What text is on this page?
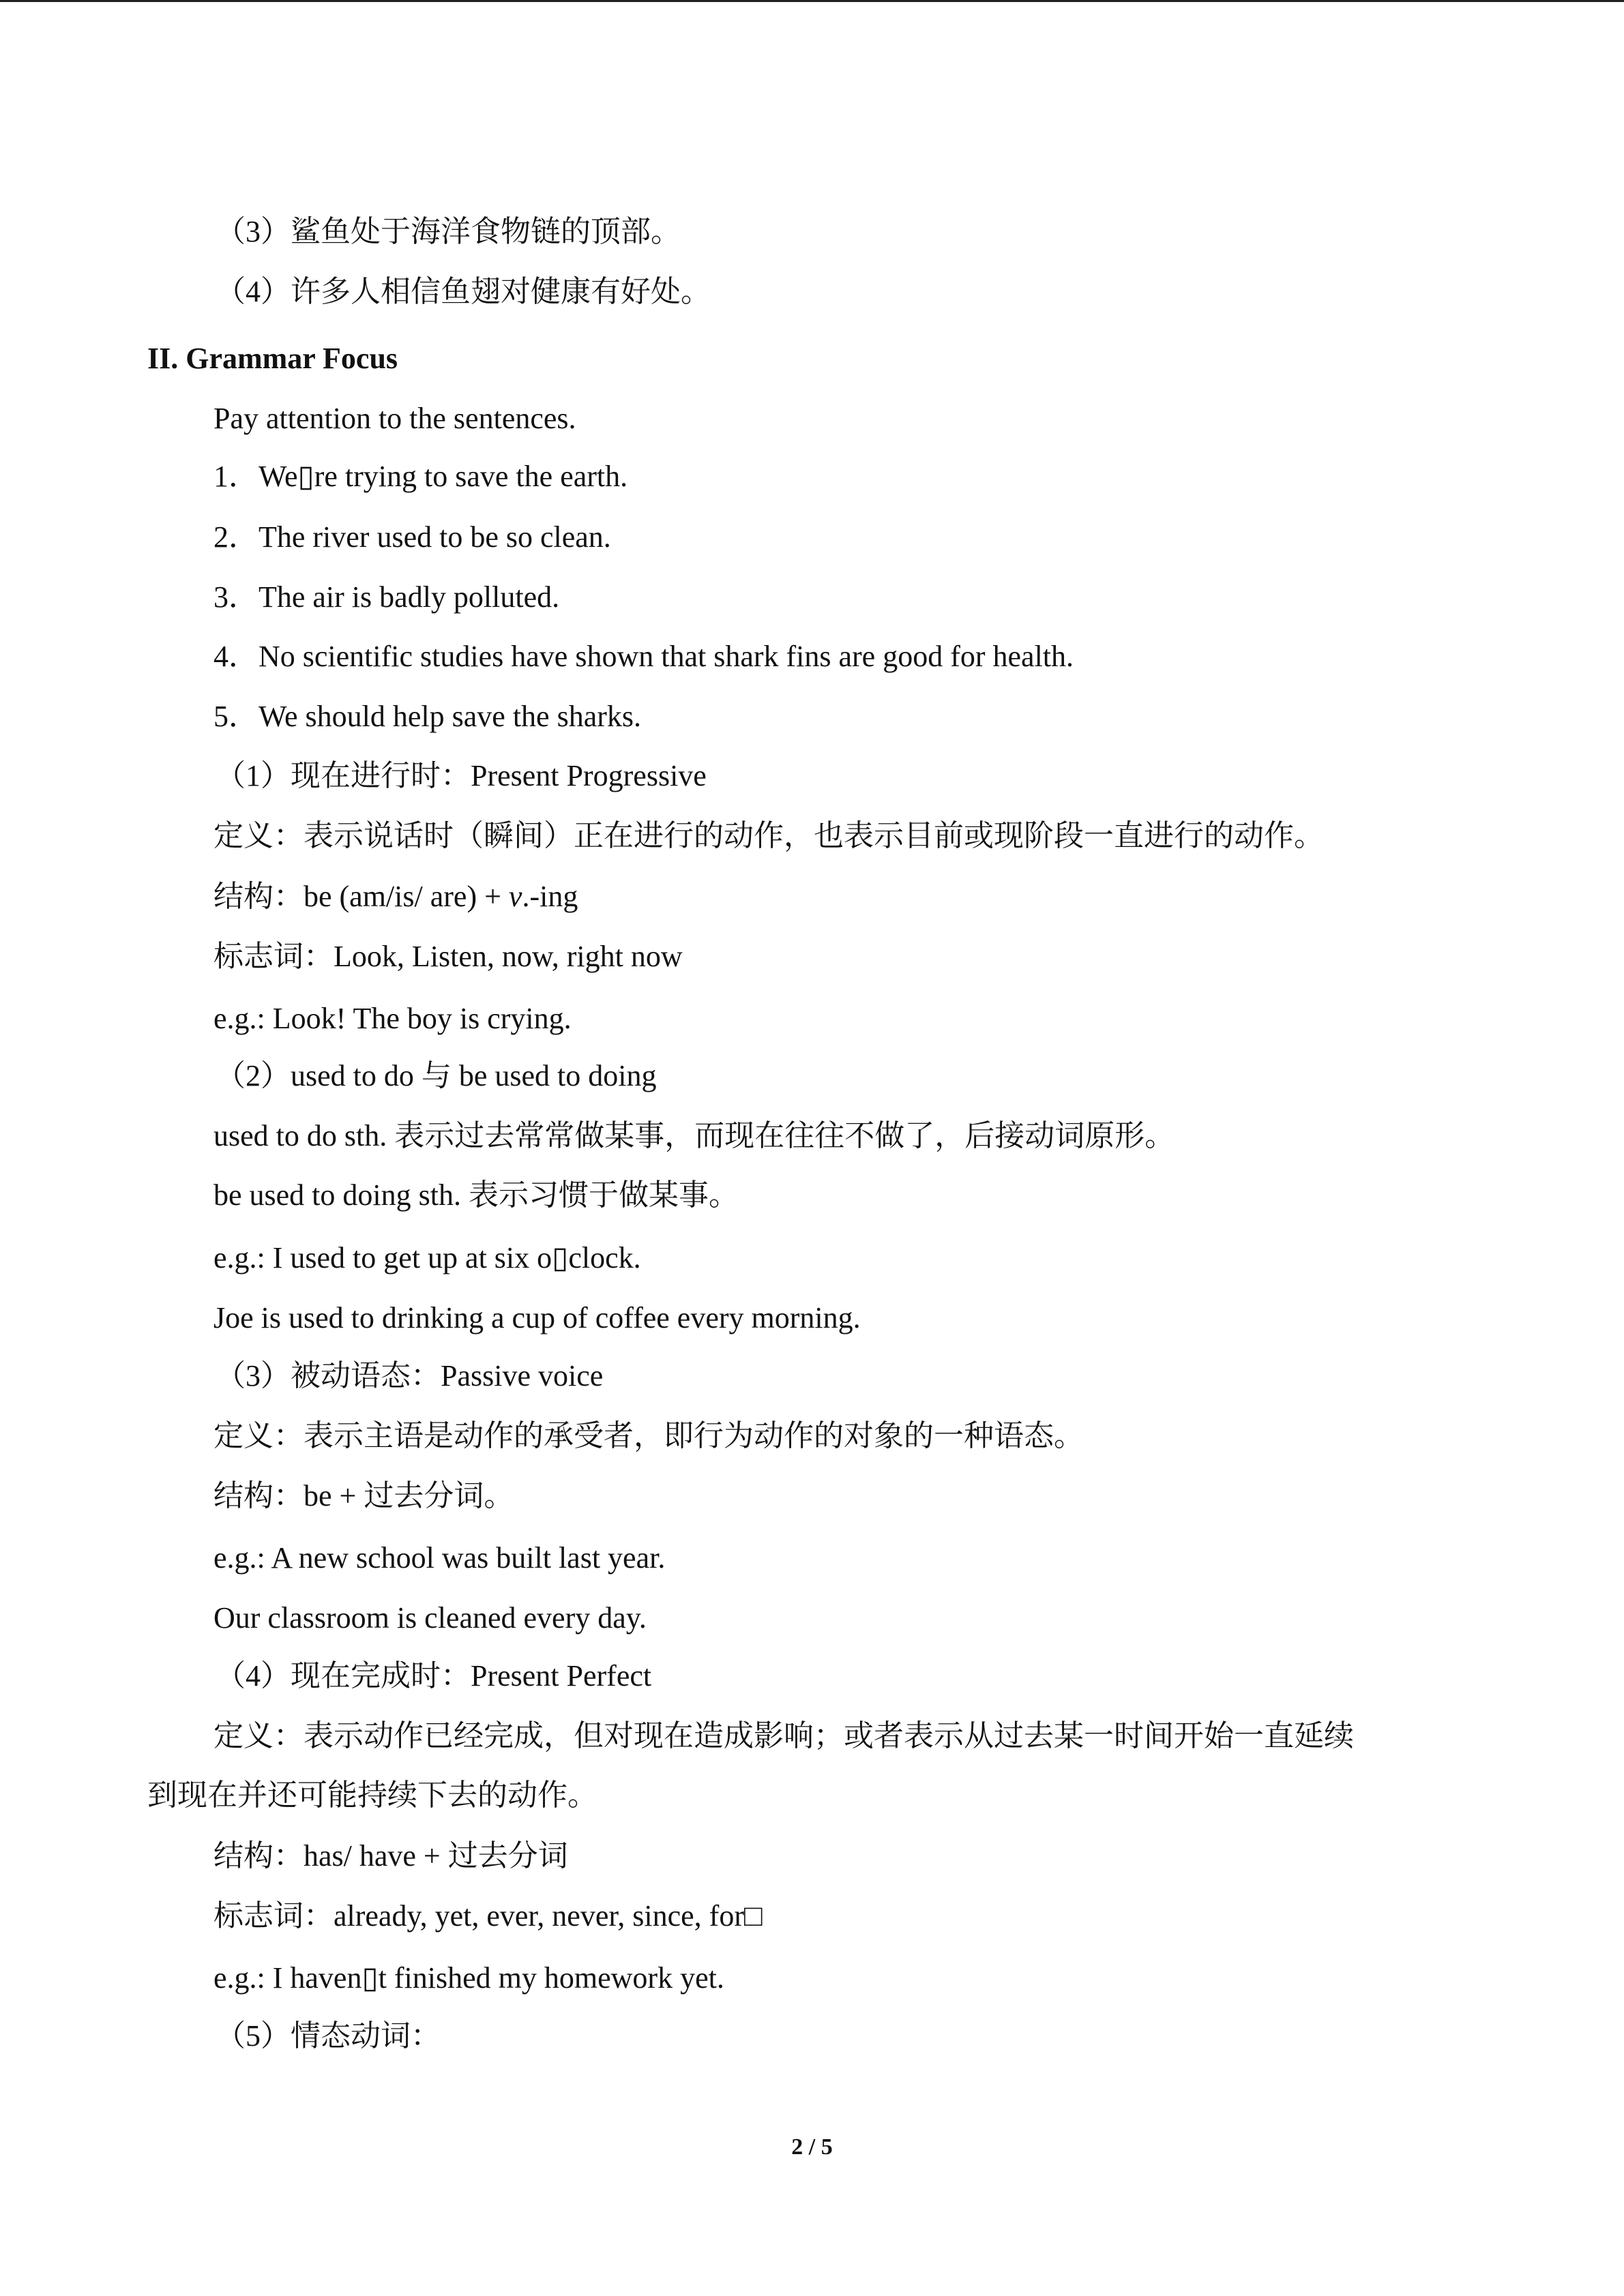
（3）鲨鱼处于海洋食物链的顶部。
（4）许多人相信鱼翅对健康有好处。
II. Grammar Focus
Pay attention to the sentences.
1．We▯re trying to save the earth.
2．The river used to be so clean.
3．The air is badly polluted.
4．No scientific studies have shown that shark fins are good for health.
5．We should help save the sharks.
（1）现在进行时：Present Progressive
定义：表示说话时（瞬间）正在进行的动作，也表示目前或现阶段一直进行的动作。
结构：be (am/is/ are) + v.-ing
标志词：Look, Listen, now, right now
e.g.: Look! The boy is crying.
（2）used to do 与 be used to doing
used to do sth. 表示过去常常做某事，而现在往往不做了，后接动词原形。
be used to doing sth. 表示习惯于做某事。
e.g.: I used to get up at six o▯clock.
Joe is used to drinking a cup of coffee every morning.
（3）被动语态：Passive voice
定义：表示主语是动作的承受者，即行为动作的对象的一种语态。
结构：be + 过去分词。
e.g.: A new school was built last year.
Our classroom is cleaned every day.
（4）现在完成时：Present Perfect
定义：表示动作已经完成，但对现在造成影响；或者表示从过去某一时间开始一直延续
到现在并还可能持续下去的动作。
结构：has/ have + 过去分词
标志词：already, yet, ever, never, since, for□
e.g.: I haven▯t finished my homework yet.
（5）情态动词：
2 / 5
